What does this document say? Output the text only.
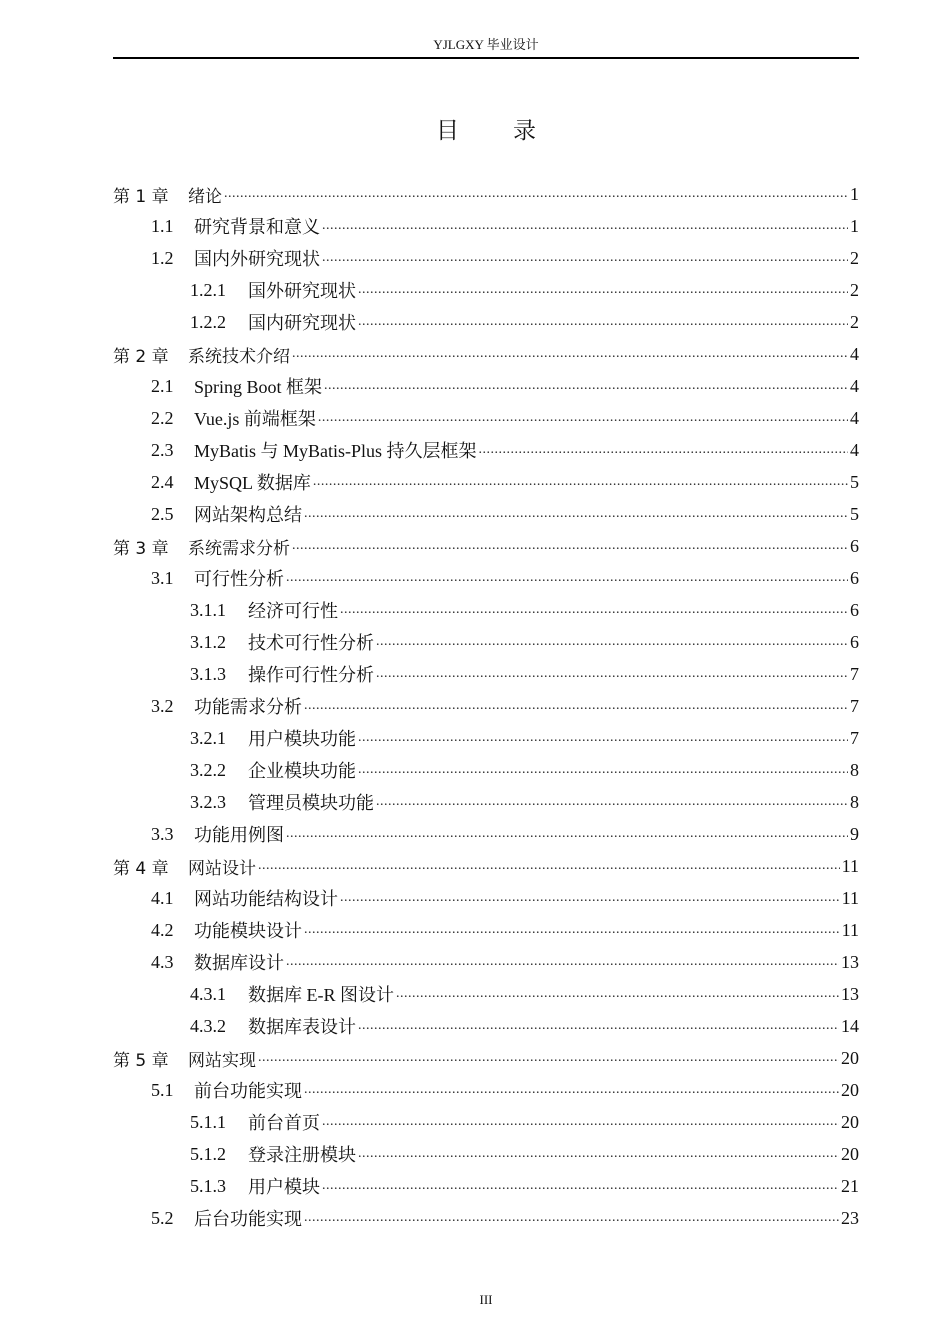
YJLGXY 毕业设计
目录
第 1 章	绪论 .....	1
1.1	研究背景和意义 .....	1
1.2	国内外研究现状 .....	2
1.2.1	国外研究现状 .....	2
1.2.2	国内研究现状 .....	2
第 2 章	系统技术介绍 .....	4
2.1	Spring Boot 框架 .....	4
2.2	Vue.js 前端框架 .....	4
2.3	MyBatis 与 MyBatis-Plus 持久层框架 .....	4
2.4	MySQL 数据库 .....	5
2.5	网站架构总结 .....	5
第 3 章	系统需求分析 .....	6
3.1	可行性分析 .....	6
3.1.1	经济可行性 .....	6
3.1.2	技术可行性分析 .....	6
3.1.3	操作可行性分析 .....	7
3.2	功能需求分析 .....	7
3.2.1	用户模块功能 .....	7
3.2.2	企业模块功能 .....	8
3.2.3	管理员模块功能 .....	8
3.3	功能用例图 .....	9
第 4 章	网站设计 .....	11
4.1	网站功能结构设计 .....	11
4.2	功能模块设计 .....	11
4.3	数据库设计 .....	13
4.3.1	数据库 E-R 图设计 .....	13
4.3.2	数据库表设计 .....	14
第 5 章	网站实现 .....	20
5.1	前台功能实现 .....	20
5.1.1	前台首页 .....	20
5.1.2	登录注册模块 .....	20
5.1.3	用户模块 .....	21
5.2	后台功能实现 .....	23
III
